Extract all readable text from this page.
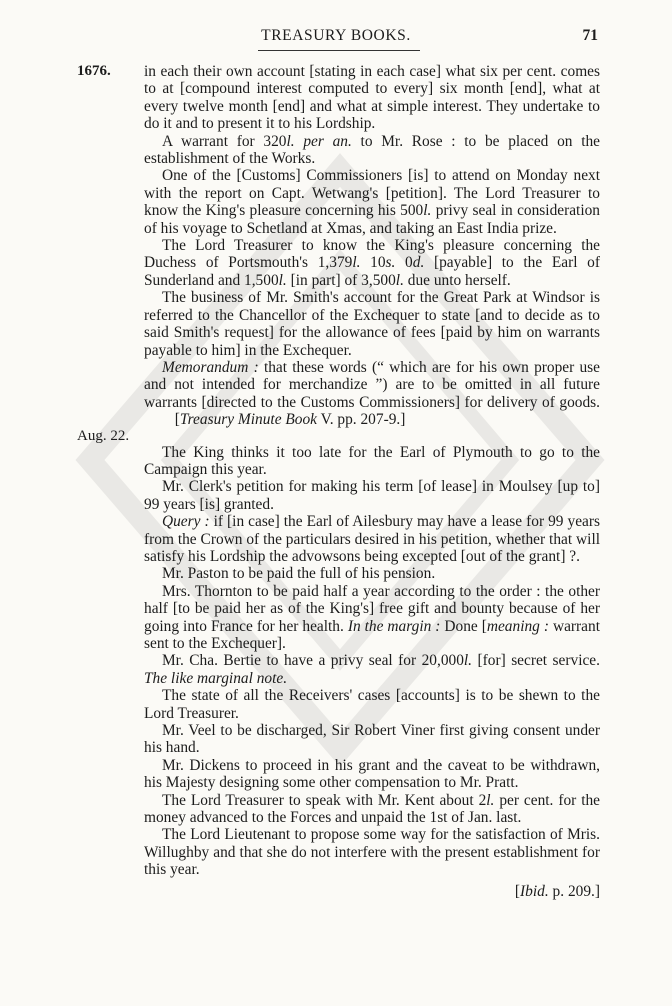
TREASURY BOOKS.	71
1676.
Aug. 22.

in each their own account [stating in each case] what six per cent. comes to at [compound interest computed to every] six month [end], what at every twelve month [end] and what at simple interest. They undertake to do it and to present it to his Lordship.

A warrant for 320l. per an. to Mr. Rose : to be placed on the establishment of the Works.

One of the [Customs] Commissioners [is] to attend on Monday next with the report on Capt. Wetwang's [petition]. The Lord Treasurer to know the King's pleasure concerning his 500l. privy seal in consideration of his voyage to Schetland at Xmas, and taking an East India prize.

The Lord Treasurer to know the King's pleasure concerning the Duchess of Portsmouth's 1,379l. 10s. 0d. [payable] to the Earl of Sunderland and 1,500l. [in part] of 3,500l. due unto herself.

The business of Mr. Smith's account for the Great Park at Windsor is referred to the Chancellor of the Exchequer to state [and to decide as to said Smith's request] for the allowance of fees [paid by him on warrants payable to him] in the Exchequer.

Memorandum : that these words (“ which are for his own proper use and not intended for merchandize ”) are to be omitted in all future warrants [directed to the Customs Commissioners] for delivery of goods.   [Treasury Minute Book V. pp. 207-9.]

The King thinks it too late for the Earl of Plymouth to go to the Campaign this year.

Mr. Clerk's petition for making his term [of lease] in Moulsey [up to] 99 years [is] granted.

Query : if [in case] the Earl of Ailesbury may have a lease for 99 years from the Crown of the particulars desired in his petition, whether that will satisfy his Lordship the advowsons being excepted [out of the grant] ?.

Mr. Paston to be paid the full of his pension.

Mrs. Thornton to be paid half a year according to the order : the other half [to be paid her as of the King's] free gift and bounty because of her going into France for her health. In the margin : Done [meaning : warrant sent to the Exchequer].

Mr. Cha. Bertie to have a privy seal for 20,000l. [for] secret service. The like marginal note.

The state of all the Receivers' cases [accounts] is to be shewn to the Lord Treasurer.

Mr. Veel to be discharged, Sir Robert Viner first giving consent under his hand.

Mr. Dickens to proceed in his grant and the caveat to be withdrawn, his Majesty designing some other compensation to Mr. Pratt.

The Lord Treasurer to speak with Mr. Kent about 2l. per cent. for the money advanced to the Forces and unpaid the 1st of Jan. last.

The Lord Lieutenant to propose some way for the satisfaction of Mris. Willughby and that she do not interfere with the present establishment for this year.

[Ibid. p. 209.]
